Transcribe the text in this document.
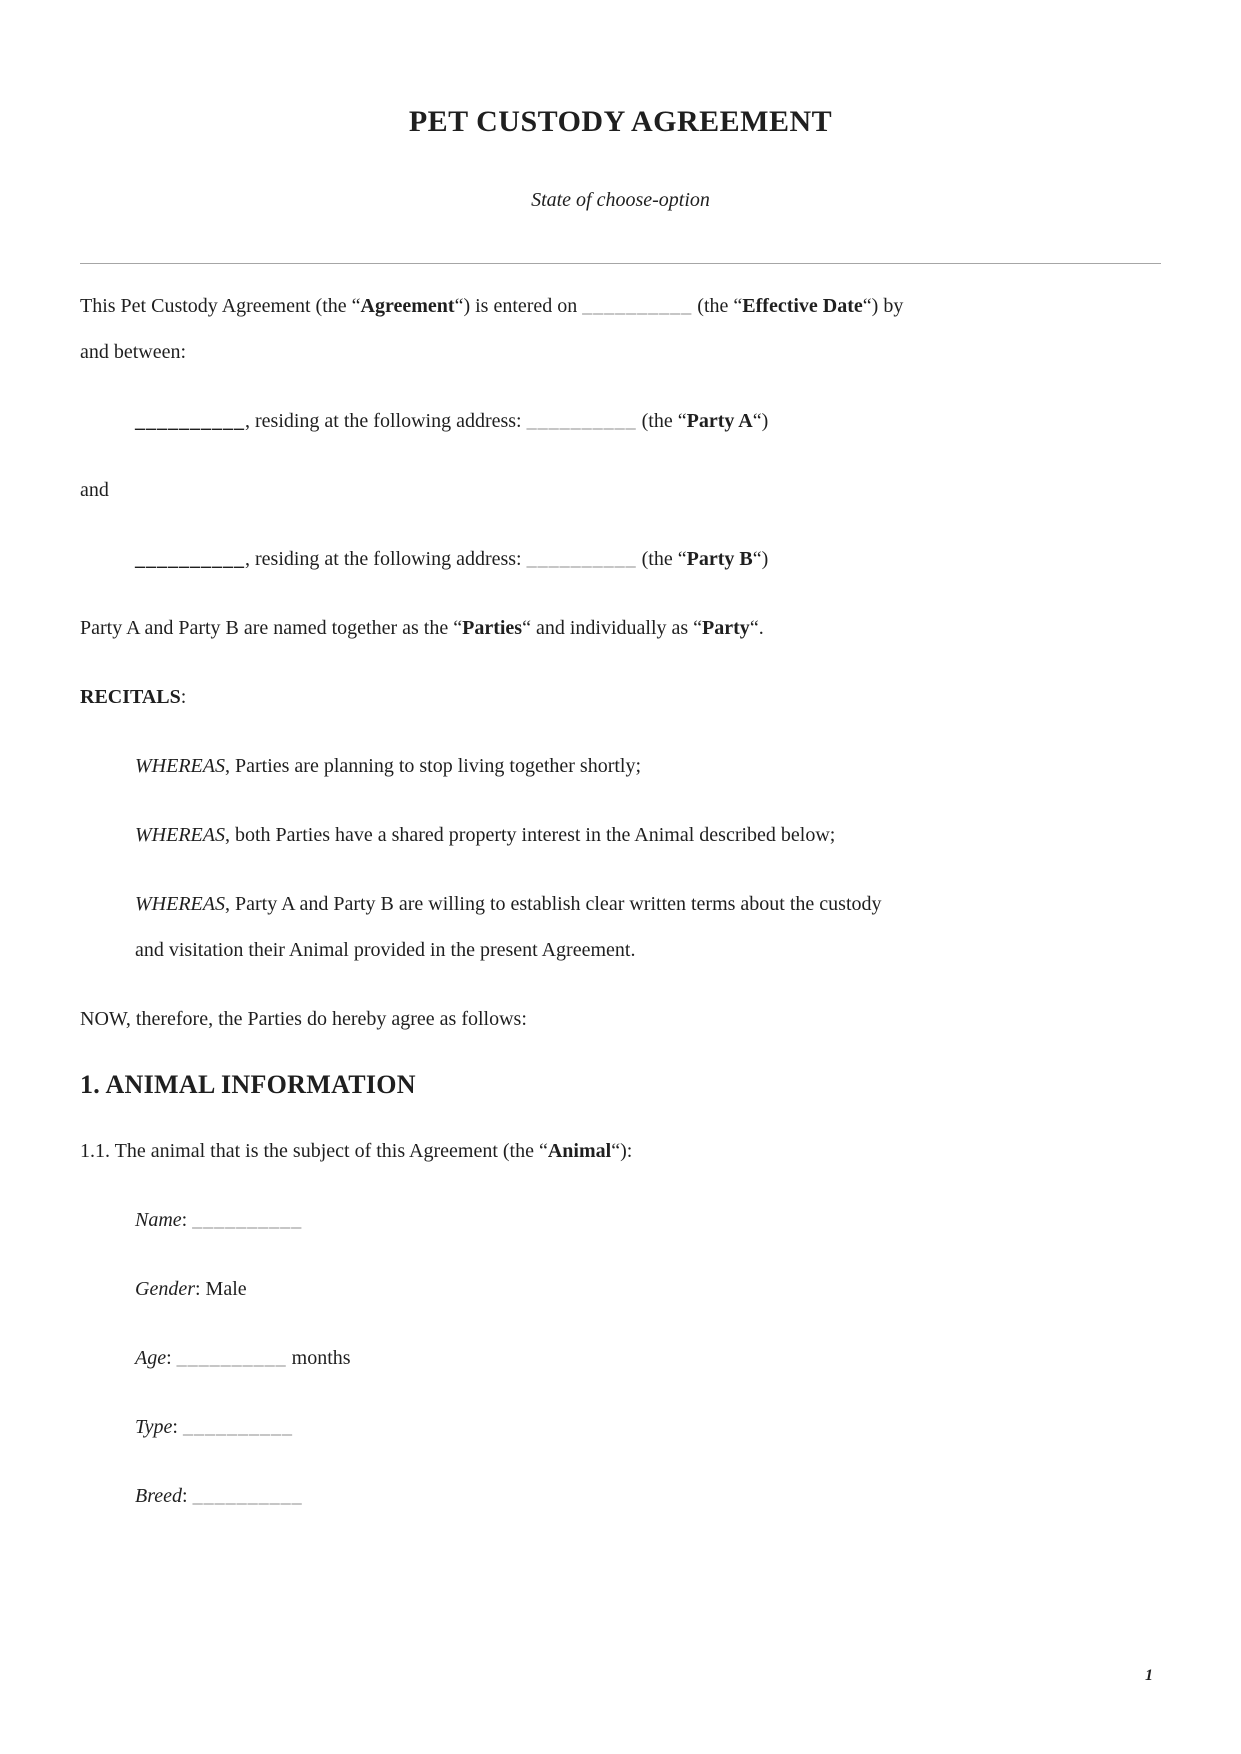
PET CUSTODY AGREEMENT
State of choose-option

This Pet Custody Agreement (the “Agreement“) is entered on __________ (the “Effective Date“) by
and between:

__________, residing at the following address: __________ (the “Party A“)

and

__________, residing at the following address: __________ (the “Party B“)

Party A and Party B are named together as the “Parties“ and individually as “Party“.

RECITALS:

WHEREAS, Parties are planning to stop living together shortly;

WHEREAS, both Parties have a shared property interest in the Animal described below;

WHEREAS, Party A and Party B are willing to establish clear written terms about the custody
and visitation their Animal provided in the present Agreement.

NOW, therefore, the Parties do hereby agree as follows:

1. ANIMAL INFORMATION

1.1. The animal that is the subject of this Agreement (the “Animal“):

Name: __________

Gender: Male

Age: __________ months

Type: __________

Breed: __________

1
